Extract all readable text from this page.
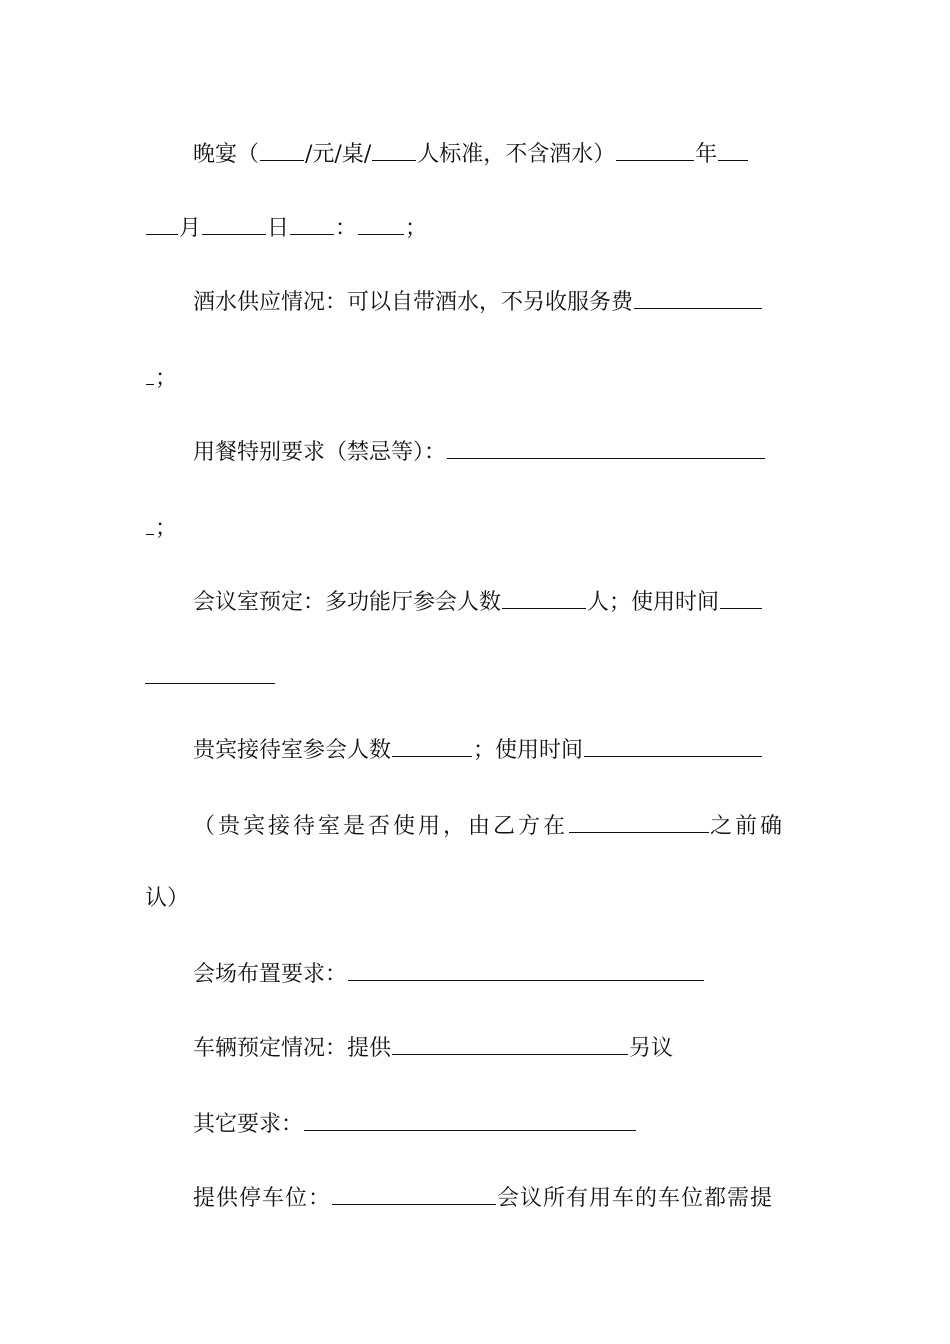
晚宴（ /元/桌/ 人标准，不含酒水）	年
月	日 ： ；
酒水供应情况：可以自带酒水，不另收服务费
；
用餐特别要求（禁忌等）：
；
会议室预定：多功能厅参会人数	人；使用时间
贵宾接待室参会人数	；使用时间
（贵宾接待室是否使用，由乙方在	之前确
认）
会场布置要求：
车辆预定情况：提供	另议
其它要求：
提供停车位：	会议所有用车的车位都需提
